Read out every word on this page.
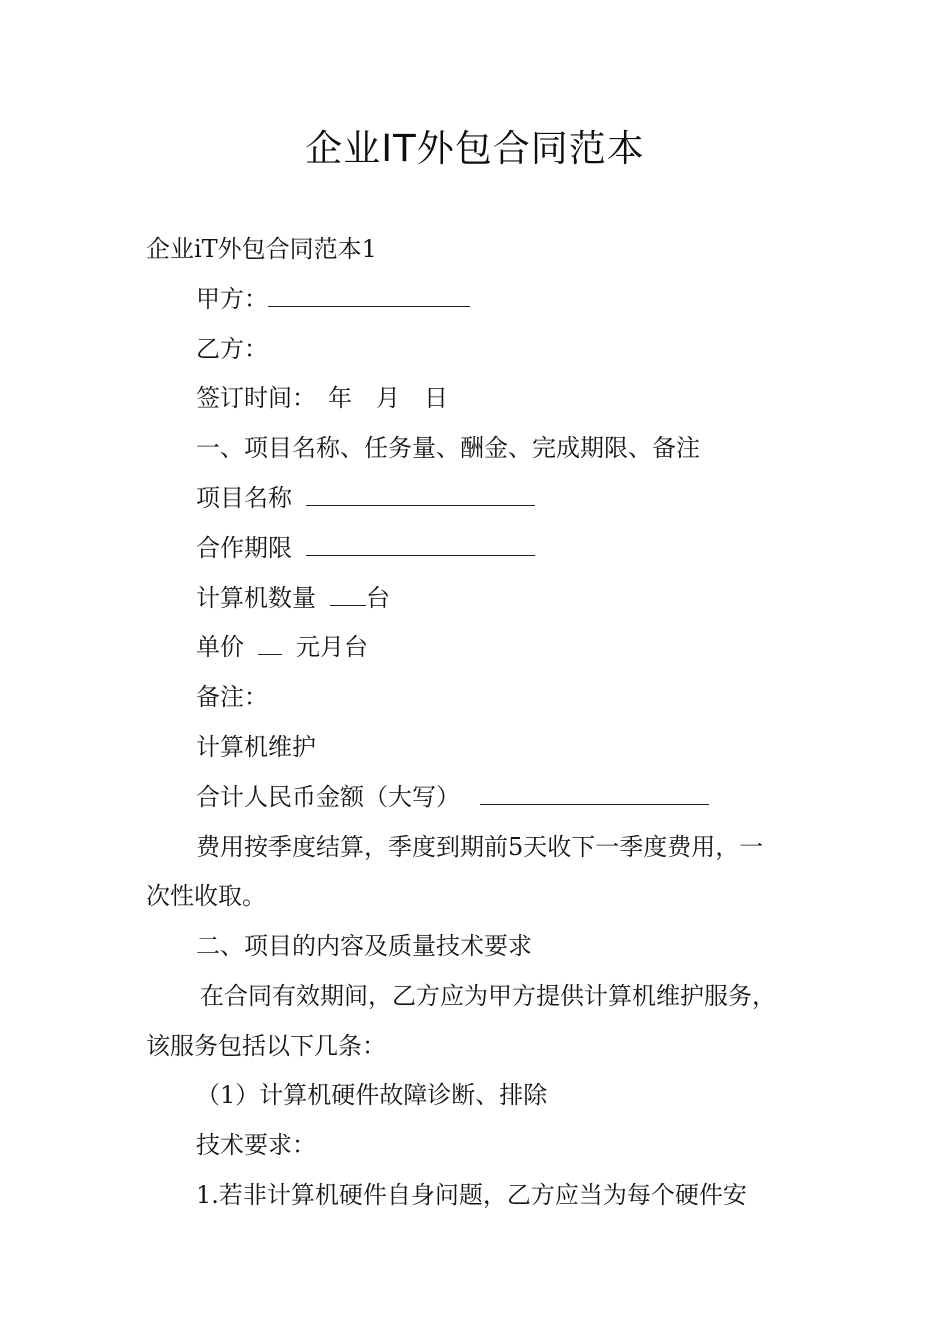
企业IT外包合同范本
企业iT外包合同范本1
甲方：
乙方：
签订时间：　年　月　日
一、项目名称、任务量、酬金、完成期限、备注
项目名称
合作期限
计算机数量 台
单价 元月台
备注：
计算机维护
合计人民币金额（大写）
费用按季度结算，季度到期前5天收下一季度费用，一
次性收取。
二、项目的内容及质量技术要求
在合同有效期间，乙方应为甲方提供计算机维护服务，
该服务包括以下几条：
（1）计算机硬件故障诊断、排除
技术要求：
1.若非计算机硬件自身问题，乙方应当为每个硬件安
